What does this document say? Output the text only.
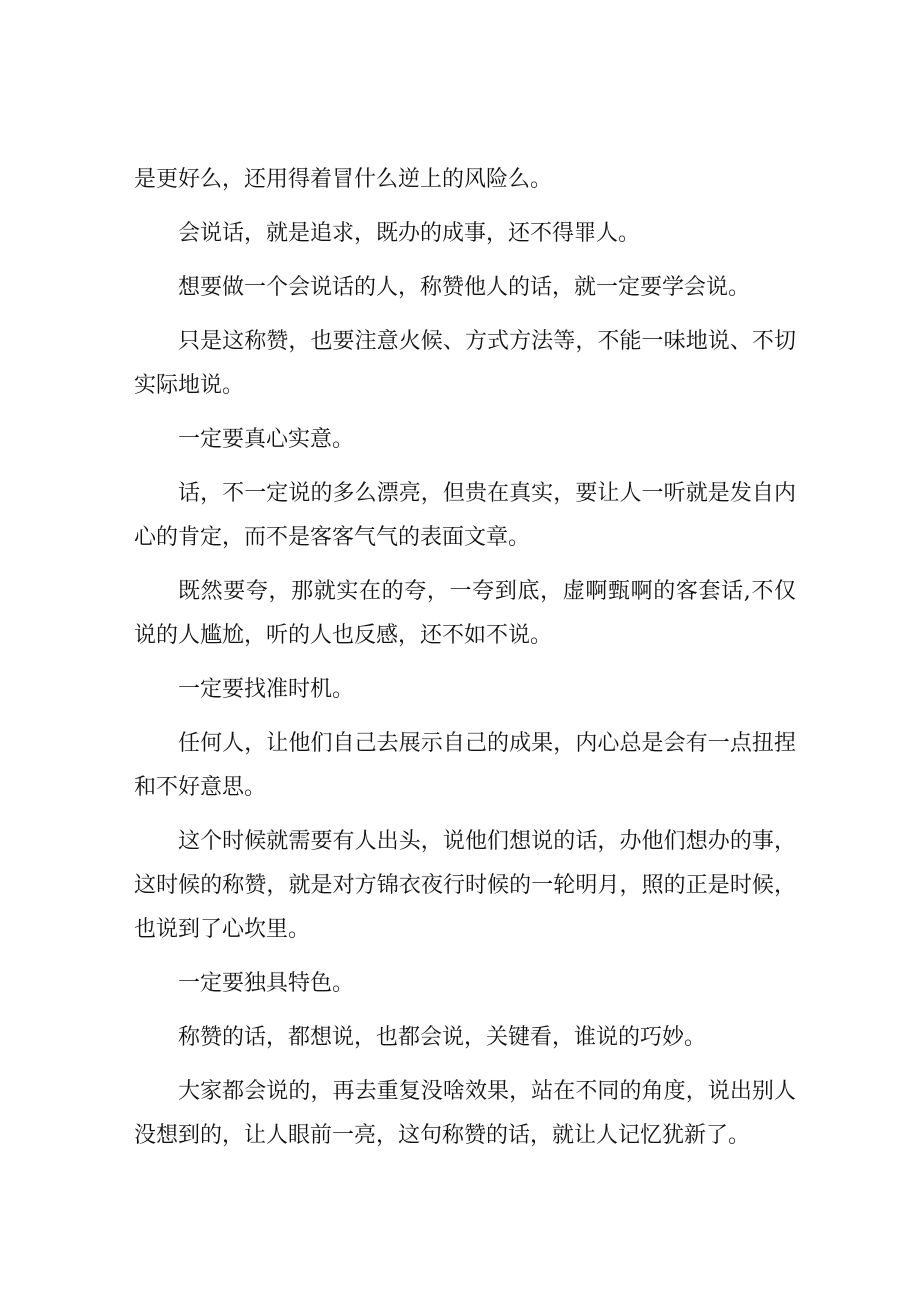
是更好么，还用得着冒什么逆上的风险么。

会说话，就是追求，既办的成事，还不得罪人。

想要做一个会说话的人，称赞他人的话，就一定要学会说。

只是这称赞，也要注意火候、方式方法等，不能一味地说、不切实际地说。

一定要真心实意。

话，不一定说的多么漂亮，但贵在真实，要让人一听就是发自内心的肯定，而不是客客气气的表面文章。

既然要夸，那就实在的夸，一夸到底，虚啊甄啊的客套话,不仅说的人尴尬，听的人也反感，还不如不说。

一定要找准时机。

任何人，让他们自己去展示自己的成果，内心总是会有一点扭捏和不好意思。

这个时候就需要有人出头，说他们想说的话，办他们想办的事，这时候的称赞，就是对方锦衣夜行时候的一轮明月，照的正是时候，也说到了心坎里。

一定要独具特色。

称赞的话，都想说，也都会说，关键看，谁说的巧妙。

大家都会说的，再去重复没啥效果，站在不同的角度，说出别人没想到的，让人眼前一亮，这句称赞的话，就让人记忆犹新了。
